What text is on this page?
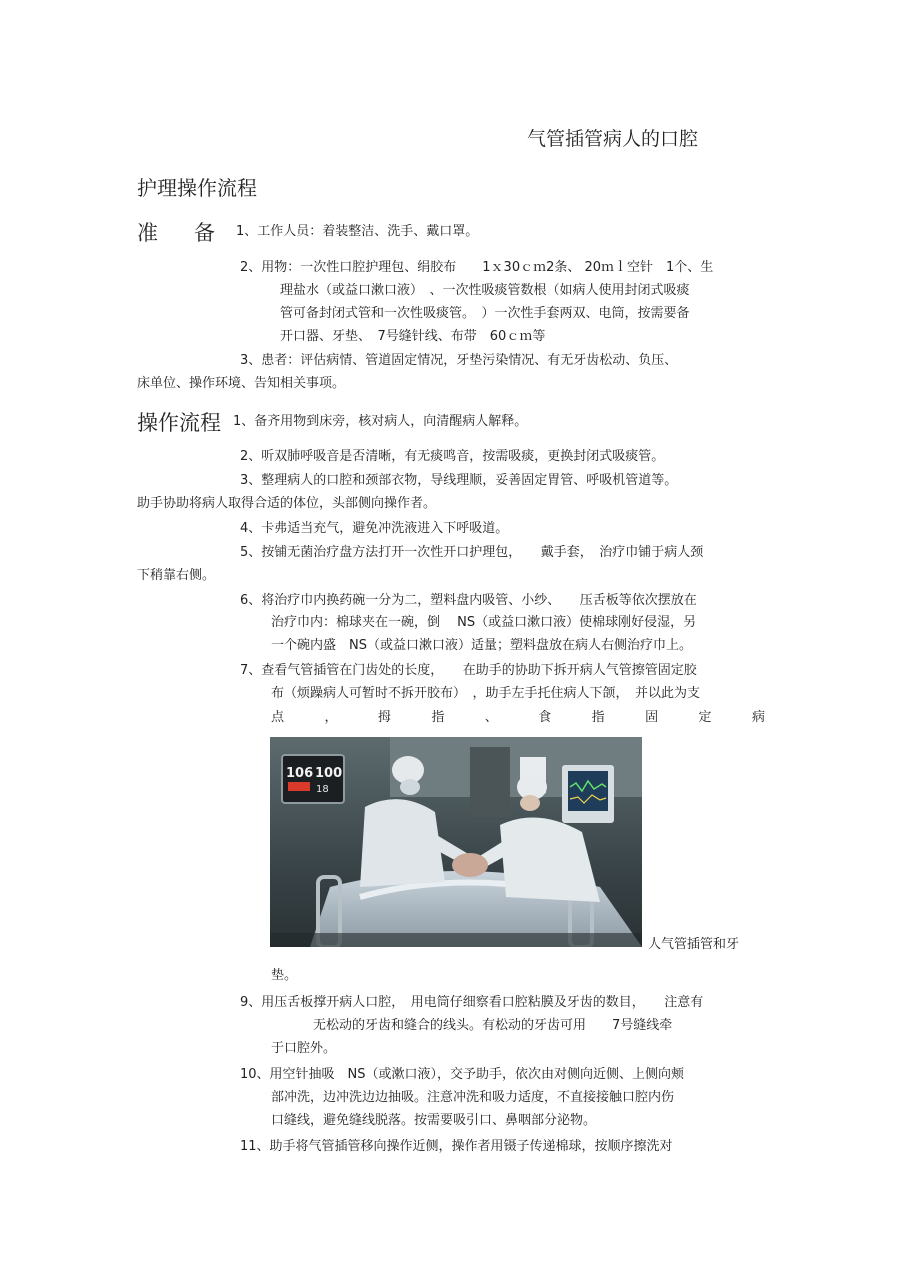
气管插管病人的口腔
护理操作流程
准 备 1、工作人员：着装整洁、洗手、戴口罩。
2、用物：一次性口腔护理包、绢胶布　　1ｘ30ｃｍ2条、 20ｍｌ空针　1个、生
理盐水（或益口漱口液）　、一次性吸痰管数根（如病人使用封闭式吸痰
管可备封闭式管和一次性吸痰管。　）一次性手套两双、电筒，按需要备
开口器、牙垫、　7号缝针线、布带　60ｃｍ等
3、患者：评估病情、管道固定情况，牙垫污染情况、有无牙齿松动、负压、
床单位、操作环境、告知相关事项。
操作流程 1、备齐用物到床旁，核对病人，向清醒病人解释。
2、听双肺呼吸音是否清晰，有无痰鸣音，按需吸痰，更换封闭式吸痰管。
3、整理病人的口腔和颈部衣物，导线理顺，妥善固定胃管、呼吸机管道等。
助手协助将病人取得合适的体位，头部侧向操作者。
4、卡弗适当充气，避免冲洗液进入下呼吸道。
5、按铺无菌治疗盘方法打开一次性开口护理包，　　戴手套，　治疗巾铺于病人颈
下稍靠右侧。
6、将治疗巾内换药碗一分为二，塑料盘内吸管、小纱、　　压舌板等依次摆放在
治疗巾内：棉球夹在一碗，倒　 NS（或益口漱口液）使棉球刚好侵湿，另
一个碗内盛　NS（或益口漱口液）适量；塑料盘放在病人右侧治疗巾上。
7、查看气管插管在门齿处的长度，　　在助手的协助下拆开病人气管擦管固定胶
布（烦躁病人可暂时不拆开胶布）　，助手左手托住病人下颌，　并以此为支
点	，	拇	指	、	食	指	固	定	病
106 100
18
人气管插管和牙
垫。
9、用压舌板撑开病人口腔，　用电筒仔细察看口腔粘膜及牙齿的数目，　　注意有
无松动的牙齿和缝合的线头。有松动的牙齿可用　　7号缝线牵
于口腔外。
10、用空针抽吸　NS（或漱口液），交予助手，依次由对侧向近侧、上侧向颊
部冲洗，边冲洗边边抽吸。注意冲洗和吸力适度，不直接接触口腔内伤
口缝线，避免缝线脱落。按需要吸引口、鼻咽部分泌物。
11、助手将气管插管移向操作近侧，操作者用镊子传递棉球，按顺序擦洗对
